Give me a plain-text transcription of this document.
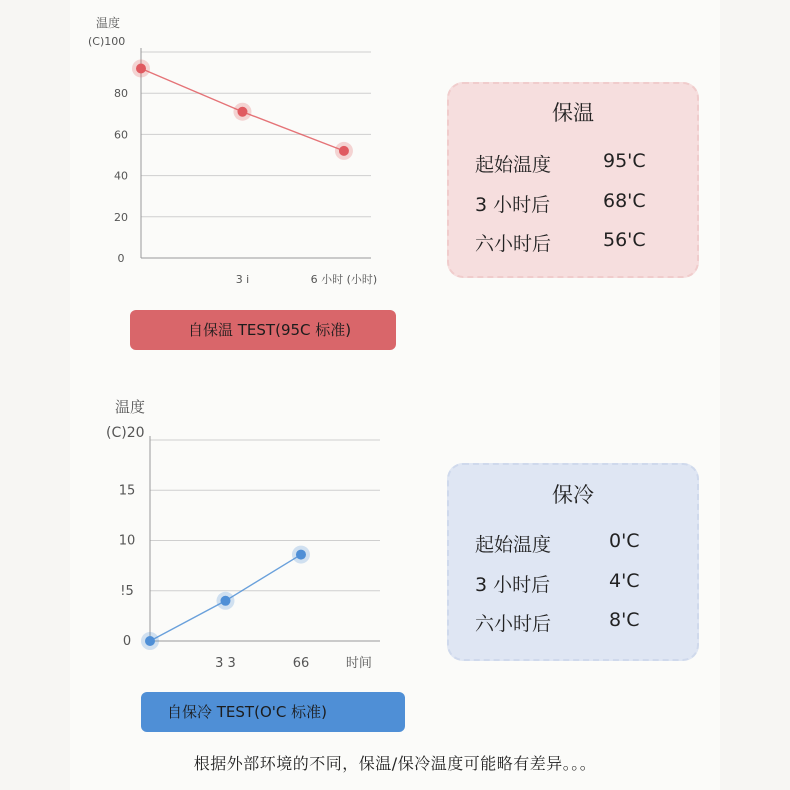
温度
(C)100
80
60
40
20
0
3 i	6 小时 (小时)
温度
(C)20
15
10
!5
0
3 3	66	时间
自保温 TEST(95C 标准)
自保冷 TEST(O'C 标准)
保温
起始温度	95'C
3 小时后	68'C
六小时后	56'C
保冷
起始温度	0'C
3 小时后	4'C
六小时后	8'C
根据外部环境的不同，保温/保冷温度可能略有差异。。。
